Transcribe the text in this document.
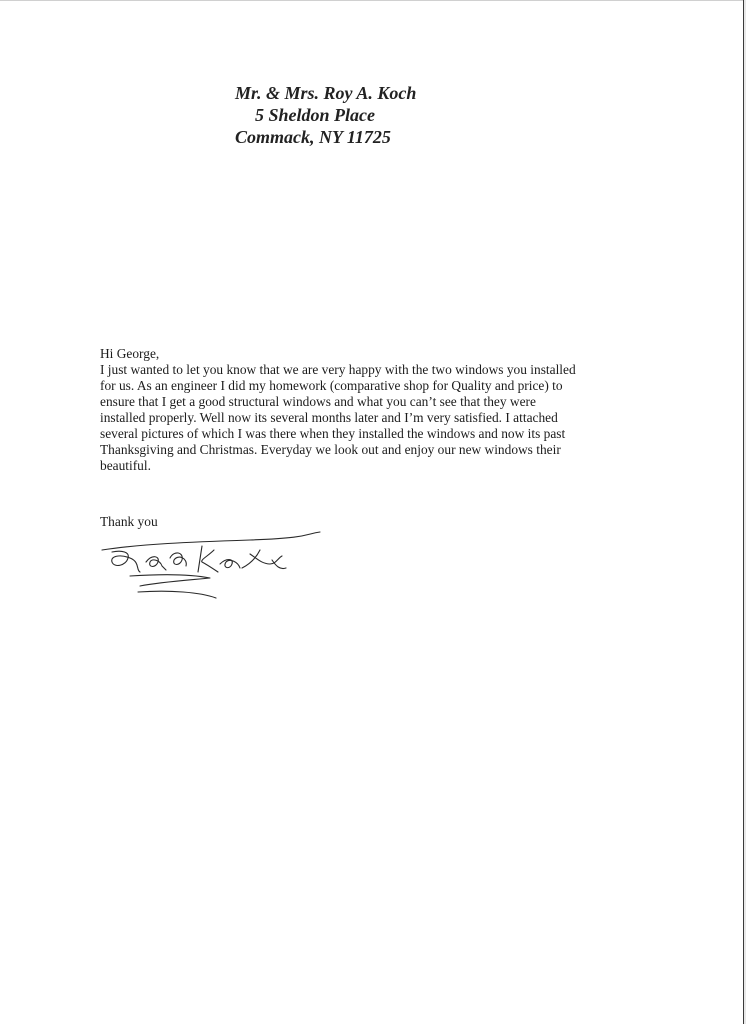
Mr. & Mrs. Roy A. Koch
5 Sheldon Place
Commack, NY 11725
Hi George,
I just wanted to let you know that we are very happy with the two windows you installed
for us. As an engineer I did my homework (comparative shop for Quality and price) to
ensure that I get a good structural windows and what you can’t see that they were
installed properly. Well now its several months later and I’m very satisfied. I attached
several pictures of which I was there when they installed the windows and now its past
Thanksgiving and Christmas. Everyday we look out and enjoy our new windows their
beautiful.
Thank you
